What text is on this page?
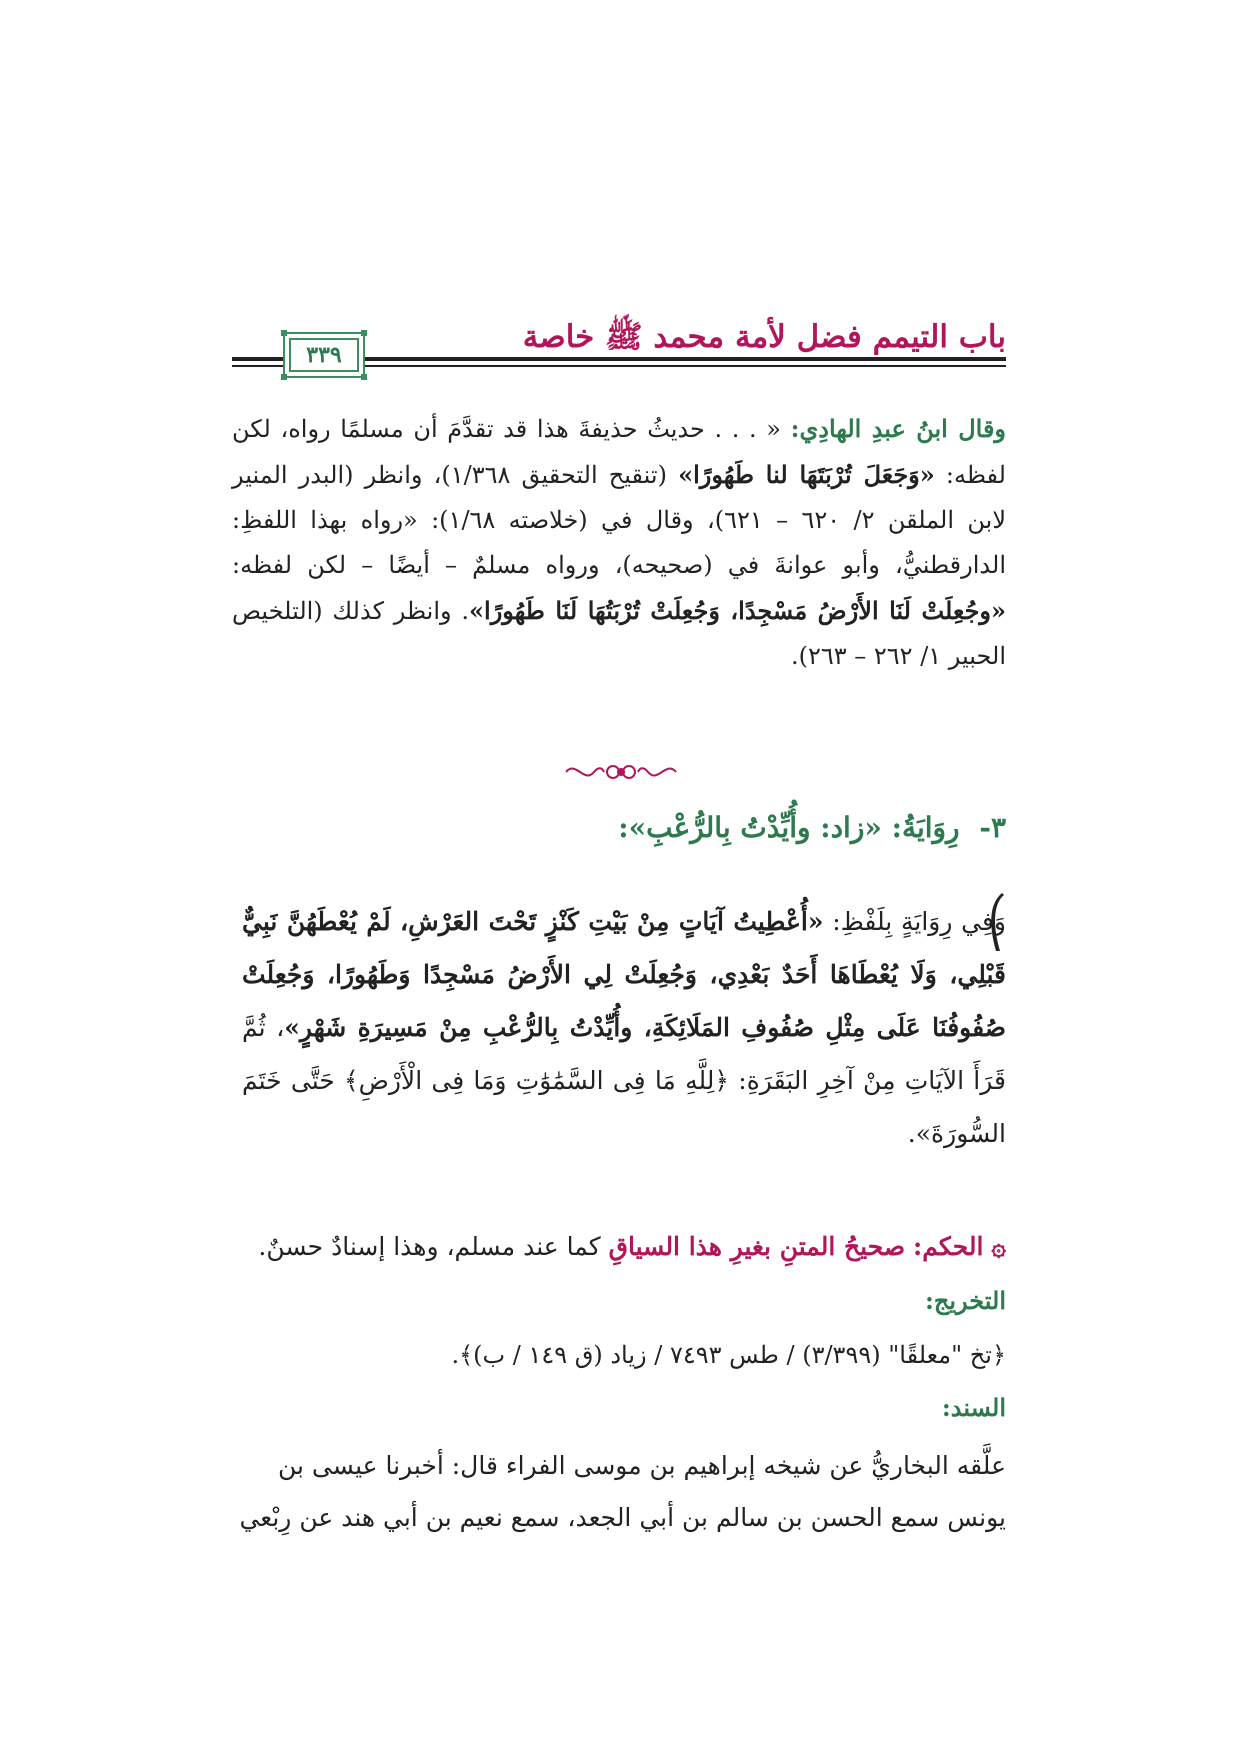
باب التيمم فضل لأمة محمد ﷺ خاصة
٣٣٩
وقال ابنُ عبدِ الهادِي: « . . . حديثُ حذيفةَ هذا قد تقدَّمَ أن مسلمًا رواه، لكن لفظه: «وَجَعَلَ تُرْبَتَهَا لنا طَهُورًا» (تنقيح التحقيق ١/٣٦٨)، وانظر (البدر المنير لابن الملقن ٢/ ٦٢٠ – ٦٢١)، وقال في (خلاصته ١/٦٨): «رواه بهذا اللفظِ: الدارقطنيُّ، وأبو عوانةَ في (صحيحه)، ورواه مسلمٌ – أيضًا – لكن لفظه: «وجُعِلَتْ لَنَا الأَرْضُ مَسْجِدًا، وَجُعِلَتْ تُرْبَتُهَا لَنَا طَهُورًا». وانظر كذلك (التلخيص الحبير ١/ ٢٦٢ – ٢٦٣).
٣- رِوَايَةُ: «زاد: وأُيِّدْتُ بِالرُّعْبِ»:
وَفِي رِوَايَةٍ بِلَفْظِ: «أُعْطِيتُ آيَاتٍ مِنْ بَيْتِ كَنْزٍ تَحْتَ العَرْشِ، لَمْ يُعْطَهُنَّ نَبِيٌّ قَبْلِي، وَلَا يُعْطَاهَا أَحَدٌ بَعْدِي، وَجُعِلَتْ لِي الأَرْضُ مَسْجِدًا وَطَهُورًا، وَجُعِلَتْ صُفُوفُنَا عَلَى مِثْلِ صُفُوفِ المَلَائِكَةِ، وأُيِّدْتُ بِالرُّعْبِ مِنْ مَسِيرَةِ شَهْرٍ»، ثُمَّ قَرَأَ الآيَاتِ مِنْ آخِرِ البَقَرَةِ: ﴿لِلَّهِ مَا فِى السَّمَٰوَٰتِ وَمَا فِى الْأَرْضِ﴾ حَتَّى خَتَمَ السُّورَةَ».
۞ الحكم: صحيحُ المتنِ بغيرِ هذا السياقِ كما عند مسلم، وهذا إسنادٌ حسنٌ.
التخريج:
﴿تخ "معلقًا" (٣/٣٩٩) / طس ٧٤٩٣ / زياد (ق ١٤٩ / ب)﴾.
السند:
علَّقه البخاريُّ عن شيخه إبراهيم بن موسى الفراء قال: أخبرنا عيسى بن
يونس سمع الحسن بن سالم بن أبي الجعد، سمع نعيم بن أبي هند عن رِبْعي
